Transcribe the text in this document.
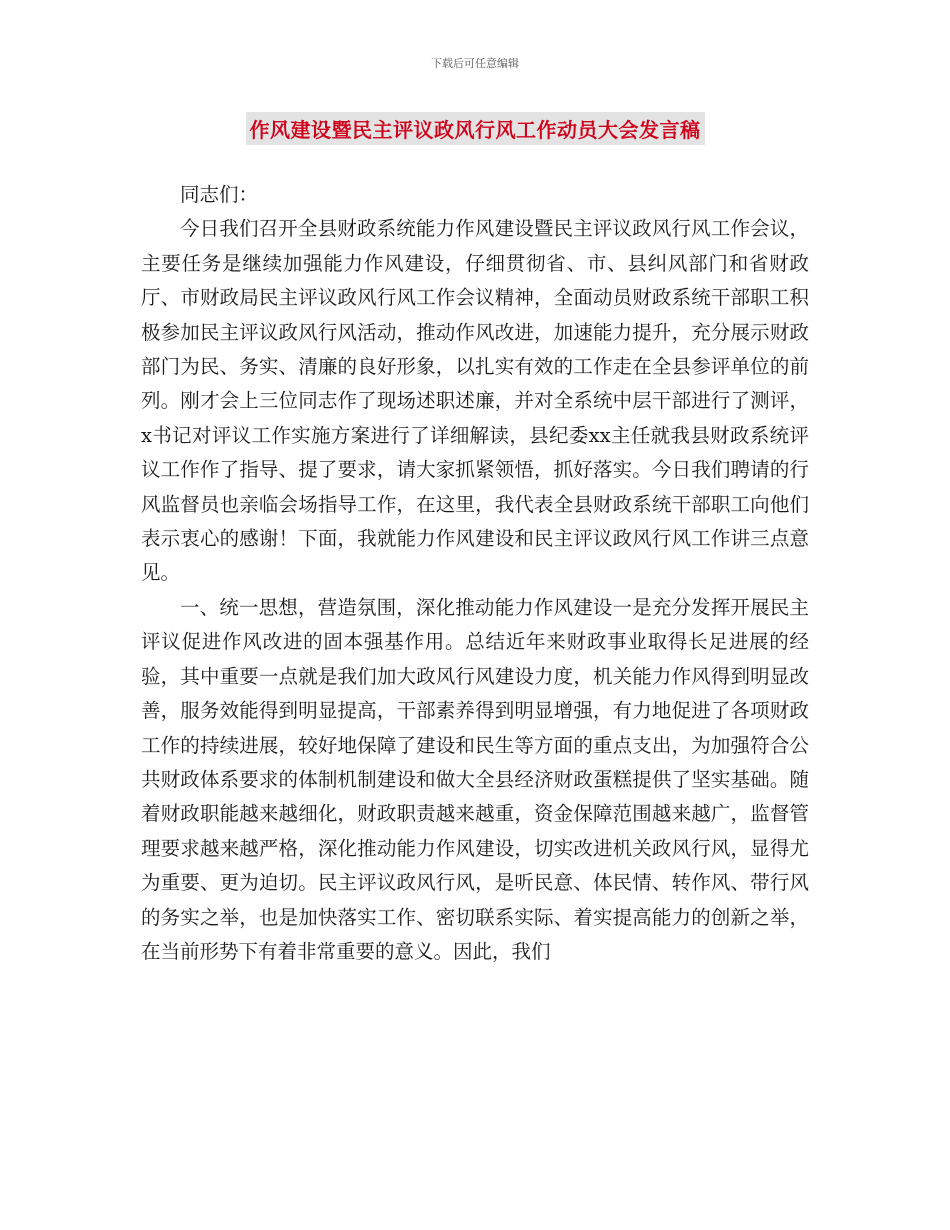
下载后可任意编辑
作风建设暨民主评议政风行风工作动员大会发言稿

同志们：

今日我们召开全县财政系统能力作风建设暨民主评议政风行风工作会议，主要任务是继续加强能力作风建设，仔细贯彻省、市、县纠风部门和省财政厅、市财政局民主评议政风行风工作会议精神，全面动员财政系统干部职工积极参加民主评议政风行风活动，推动作风改进，加速能力提升，充分展示财政部门为民、务实、清廉的良好形象，以扎实有效的工作走在全县参评单位的前列。刚才会上三位同志作了现场述职述廉，并对全系统中层干部进行了测评，x书记对评议工作实施方案进行了详细解读，县纪委xx主任就我县财政系统评议工作作了指导、提了要求，请大家抓紧领悟，抓好落实。今日我们聘请的行风监督员也亲临会场指导工作，在这里，我代表全县财政系统干部职工向他们表示衷心的感谢！下面，我就能力作风建设和民主评议政风行风工作讲三点意见。

一、统一思想，营造氛围，深化推动能力作风建设一是充分发挥开展民主评议促进作风改进的固本强基作用。总结近年来财政事业取得长足进展的经验，其中重要一点就是我们加大政风行风建设力度，机关能力作风得到明显改善，服务效能得到明显提高，干部素养得到明显增强，有力地促进了各项财政工作的持续进展，较好地保障了建设和民生等方面的重点支出，为加强符合公共财政体系要求的体制机制建设和做大全县经济财政蛋糕提供了坚实基础。随着财政职能越来越细化，财政职责越来越重，资金保障范围越来越广，监督管理要求越来越严格，深化推动能力作风建设，切实改进机关政风行风，显得尤为重要、更为迫切。民主评议政风行风，是听民意、体民情、转作风、带行风的务实之举，也是加快落实工作、密切联系实际、着实提高能力的创新之举，在当前形势下有着非常重要的意义。因此，我们
